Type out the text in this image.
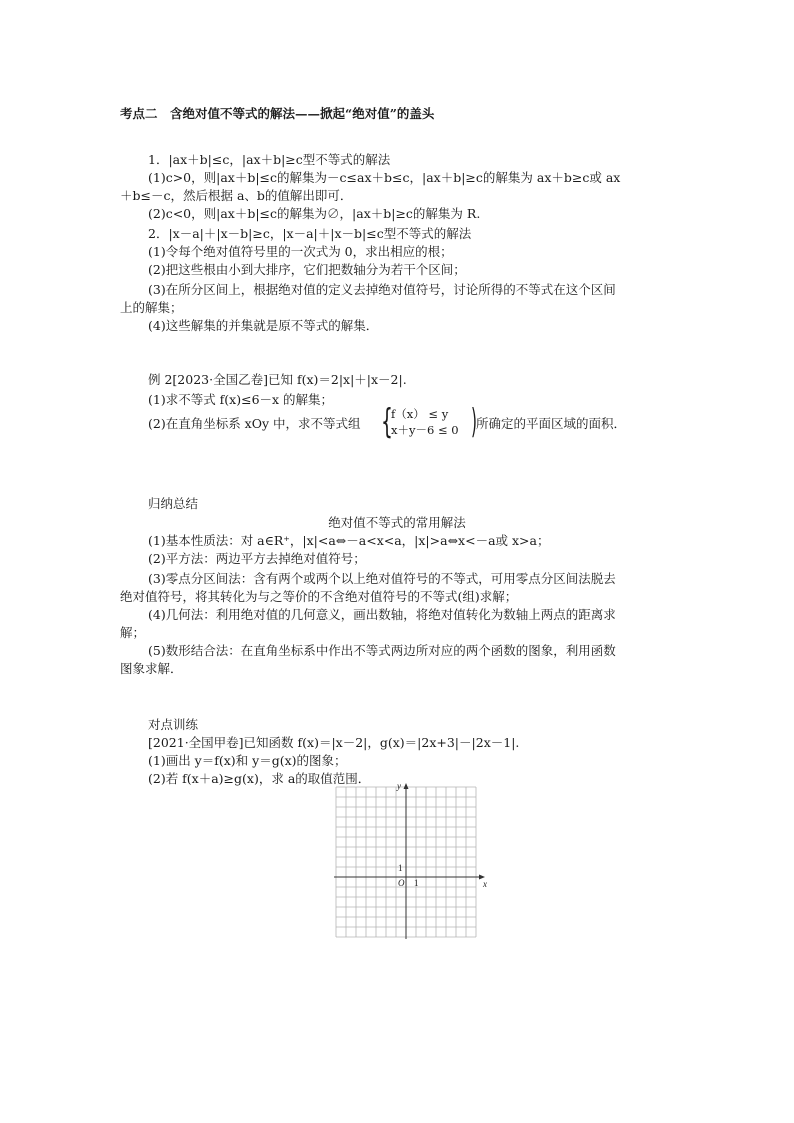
考点二　含绝对值不等式的解法——掀起“绝对值”的盖头
1．|ax＋b|≤c，|ax＋b|≥c型不等式的解法
(1)c>0，则|ax＋b|≤c的解集为－c≤ax＋b≤c，|ax＋b|≥c的解集为 ax＋b≥c或 ax
＋b≤－c，然后根据 a、b的值解出即可．
(2)c<0，则|ax＋b|≤c的解集为∅，|ax＋b|≥c的解集为 R.
2．|x－a|＋|x－b|≥c，|x－a|＋|x－b|≤c型不等式的解法
(1)令每个绝对值符号里的一次式为 0，求出相应的根；
(2)把这些根由小到大排序，它们把数轴分为若干个区间；
(3)在所分区间上，根据绝对值的定义去掉绝对值符号，讨论所得的不等式在这个区间
上的解集；
(4)这些解集的并集就是原不等式的解集．
例 2[2023·全国乙卷]已知 f(x)＝2|x|＋|x－2|.
(1)求不等式 f(x)≤6－x 的解集；
(2)在直角坐标系 xOy 中，求不等式组 {
f（x） ≤ y
x＋y－6 ≤ 0 ) 所确定的平面区域的面积．
归纳总结
绝对值不等式的常用解法
(1)基本性质法：对 a∈R⁺，|x|<a⇔－a<x<a，|x|>a⇔x<－a或 x>a；
(2)平方法：两边平方去掉绝对值符号；
(3)零点分区间法：含有两个或两个以上绝对值符号的不等式，可用零点分区间法脱去
绝对值符号，将其转化为与之等价的不含绝对值符号的不等式(组)求解；
(4)几何法：利用绝对值的几何意义，画出数轴，将绝对值转化为数轴上两点的距离求
解；
(5)数形结合法：在直角坐标系中作出不等式两边所对应的两个函数的图象，利用函数
图象求解．
对点训练
[2021·全国甲卷]已知函数 f(x)＝|x－2|，g(x)＝|2x+3|－|2x－1|.
(1)画出 y＝f(x)和 y＝g(x)的图象；
(2)若 f(x＋a)≥g(x)，求 a的取值范围．
x
y
O 1
1
